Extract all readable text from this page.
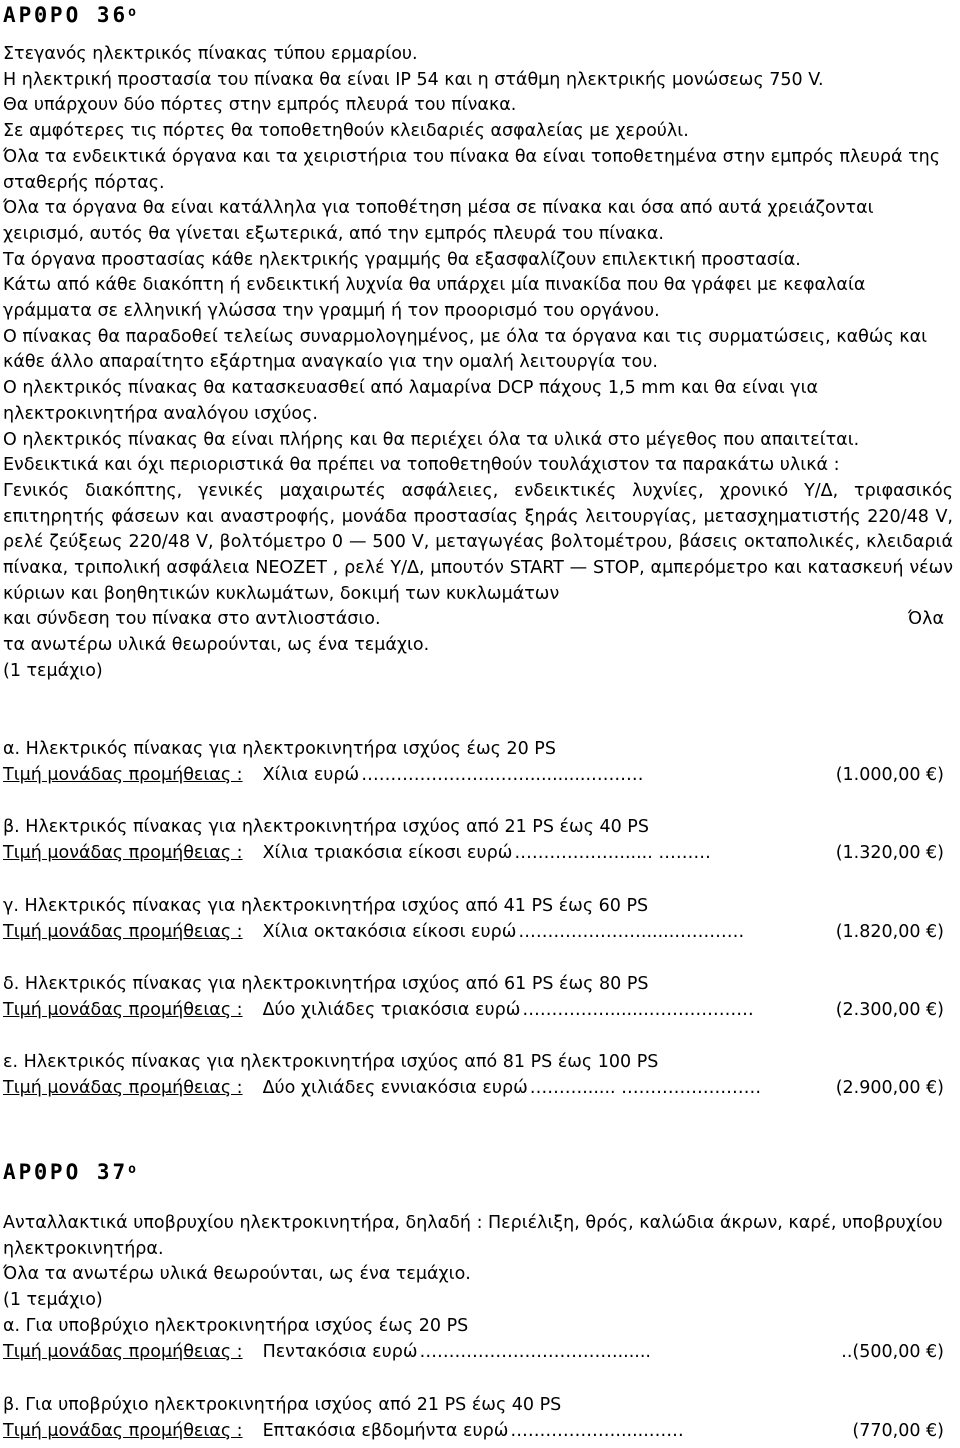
ΑΡΘΡΟ $36^o$

Στεγανός ηλεκτρικός πίνακας τύπου ερμαρίου.

Η ηλεκτρική προστασία του πίνακα θα είναι IP 54 και η στάθμη ηλεκτρικής μονώσεως 750 V.

Θα υπάρχουν δύο πόρτες στην εμπρός πλευρά του πίνακα.

Σε αμφότερες τις πόρτες θα τοποθετηθούν κλειδαριές ασφαλείας με χερούλι.

Όλα τα ενδεικτικά όργανα και τα χειριστήρια του πίνακα θα είναι τοποθετημένα στην εμπρός πλευρά της σταθερής πόρτας.

Όλα τα όργανα θα είναι κατάλληλα για τοποθέτηση μέσα σε πίνακα και όσα από αυτά χρειάζονται χειρισμό, αυτός θα γίνεται εξωτερικά, από την εμπρός πλευρά του πίνακα.

Τα όργανα προστασίας κάθε ηλεκτρικής γραμμής θα εξασφαλίζουν επιλεκτική προστασία.

Κάτω από κάθε διακόπτη ή ενδεικτική λυχνία θα υπάρχει μία πινακίδα που θα γράφει με κεφαλαία γράμματα σε ελληνική γλώσσα την γραμμή ή τον προορισμό του οργάνου.

Ο πίνακας θα παραδοθεί τελείως συναρμολογημένος, με όλα τα όργανα και τις συρματώσεις, καθώς και κάθε άλλο απαραίτητο εξάρτημα αναγκαίο για την ομαλή λειτουργία του.

Ο ηλεκτρικός πίνακας θα κατασκευασθεί από λαμαρίνα DCP πάχους 1,5 mm και θα είναι για ηλεκτροκινητήρα αναλόγου ισχύος.

Ο ηλεκτρικός πίνακας θα είναι πλήρης και θα περιέχει όλα τα υλικά στο μέγεθος που απαιτείται.

Ενδεικτικά και όχι περιοριστικά θα πρέπει να τοποθετηθούν τουλάχιστον τα παρακάτω υλικά :

Γενικός διακόπτης, γενικές μαχαιρωτές ασφάλειες, ενδεικτικές λυχνίες, χρονικό Υ/Δ, τριφασικός επιτηρητής φάσεων και αναστροφής, μονάδα προστασίας ξηράς λειτουργίας, μετασχηματιστής 220/48 V, ρελέ ζεύξεως 220/48 V, βολτόμετρο 0 — 500 V, μεταγωγέας βολτομέτρου, βάσεις οκταπολικές, κλειδαριά πίνακα, τριπολική ασφάλεια ΝΕΟΖΕΤ , ρελέ Υ/Δ, μπουτόν START — STOP, αμπερόμετρο και κατασκευή νέων κύριων και βοηθητικών κυκλωμάτων, δοκιμή των κυκλωμάτων

και σύνδεση του πίνακα στο αντλιοστάσιο.	Όλα

τα ανωτέρω υλικά θεωρούνται, ως ένα τεμάχιο.

(1 τεμάχιο)

α. Ηλεκτρικός πίνακας για ηλεκτροκινητήρα ισχύος έως 20 PS
Τιμή μονάδας προμήθειας : Χίλια ευρώ …………………..……...........………	(1.000,00 €)
β. Ηλεκτρικός πίνακας για ηλεκτροκινητήρα ισχύος από 21 PS έως 40 PS
Τιμή μονάδας προμήθειας : Χίλια τριακόσια είκοσι ευρώ ………………...... ………	(1.320,00 €)
γ. Ηλεκτρικός πίνακας για ηλεκτροκινητήρα ισχύος από 41 PS έως 60 PS
Τιμή μονάδας προμήθειας : Χίλια οκτακόσια είκοσι ευρώ …………………......…………	(1.820,00 €)
δ. Ηλεκτρικός πίνακας για ηλεκτροκινητήρα ισχύος από 61 PS έως 80 PS
Τιμή μονάδας προμήθειας : Δύο χιλιάδες τριακόσια ευρώ …………….......………………	(2.300,00 €)
ε. Ηλεκτρικός πίνακας για ηλεκτροκινητήρα ισχύος από 81 PS έως 100 PS
Τιμή μονάδας προμήθειας : Δύο χιλιάδες εννιακόσια ευρώ ………...... ……………………	(2.900,00 €)
ΑΡΘΡΟ $37^o$

Ανταλλακτικά υποβρυχίου ηλεκτροκινητήρα, δηλαδή : Περιέλιξη, θρός, καλώδια άκρων, καρέ, υποβρυχίου ηλεκτροκινητήρα.

Όλα τα ανωτέρω υλικά θεωρούνται, ως ένα τεμάχιο.

(1 τεμάχιο)

α. Για υποβρύχιο ηλεκτροκινητήρα ισχύος έως 20 PS
Τιμή μονάδας προμήθειας : Πεντακόσια ευρώ …………………………….......	..(500,00 €)
β. Για υποβρύχιο ηλεκτροκινητήρα ισχύος από 21 PS έως 40 PS
Τιμή μονάδας προμήθειας : Επτακόσια εβδομήντα ευρώ ………………......……	(770,00 €)
